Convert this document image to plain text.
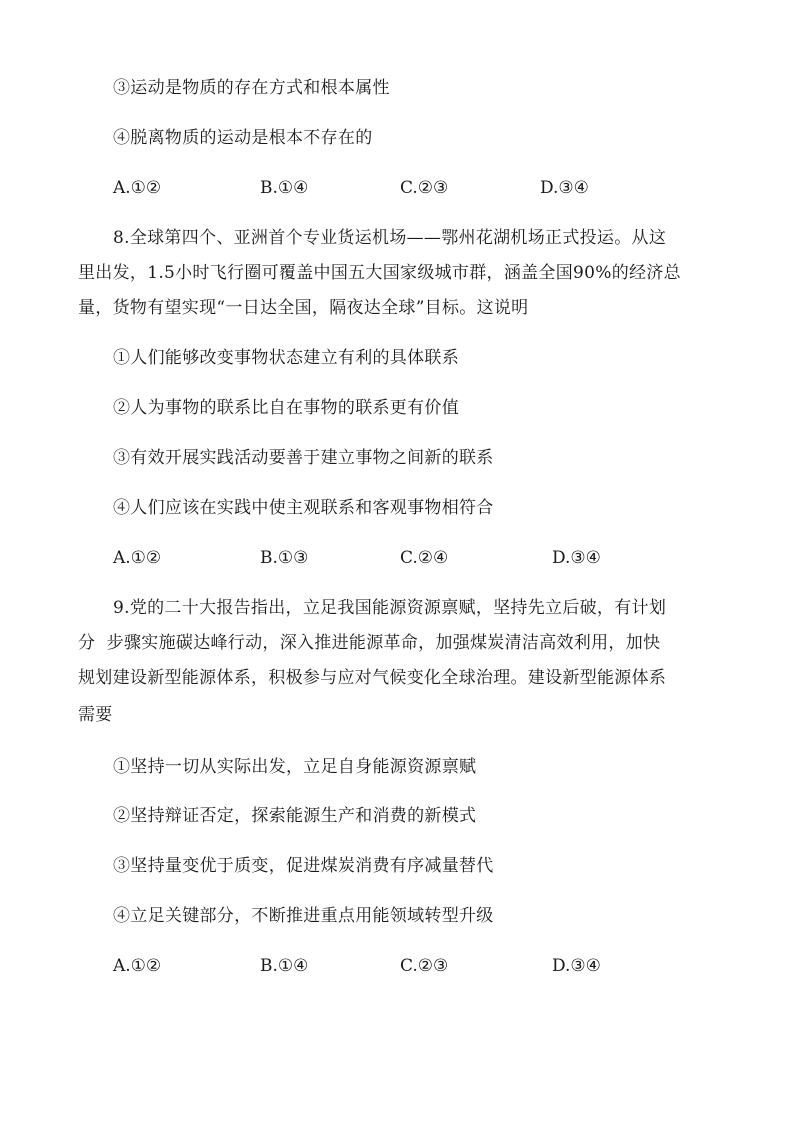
③运动是物质的存在方式和根本属性
④脱离物质的运动是根本不存在的
A.①②	B.①④	C.②③	D.③④
8.全球第四个、亚洲首个专业货运机场——鄂州花湖机场正式投运。从这
里出发，1.5小时飞行圈可覆盖中国五大国家级城市群，涵盖全国90%的经济总
量，货物有望实现“一日达全国，隔夜达全球”目标。这说明
①人们能够改变事物状态建立有利的具体联系
②人为事物的联系比自在事物的联系更有价值
③有效开展实践活动要善于建立事物之间新的联系
④人们应该在实践中使主观联系和客观事物相符合
A.①②	B.①③	C.②④	D.③④
9.党的二十大报告指出，立足我国能源资源禀赋，坚持先立后破，有计划
分  步骤实施碳达峰行动，深入推进能源革命，加强煤炭清洁高效利用，加快
规划建设新型能源体系，积极参与应对气候变化全球治理。建设新型能源体系
需要
①坚持一切从实际出发，立足自身能源资源禀赋
②坚持辩证否定，探索能源生产和消费的新模式
③坚持量变优于质变，促进煤炭消费有序减量替代
④立足关键部分，不断推进重点用能领域转型升级
A.①②	B.①④	C.②③	D.③④
